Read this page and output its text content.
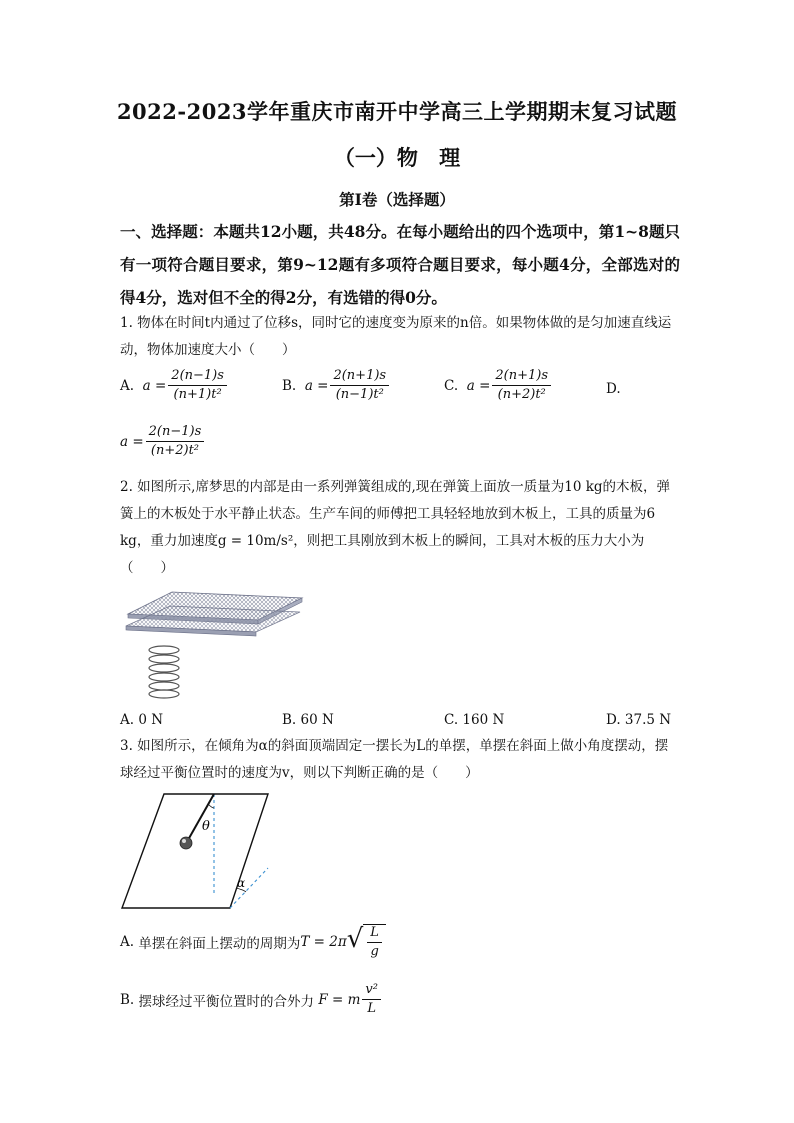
2022-2023学年重庆市南开中学高三上学期期末复习试题
（一）物 理
第Ⅰ卷（选择题）
一、选择题：本题共12小题，共48分。在每小题给出的四个选项中，第1~8题只有一项符合题目要求，第9~12题有多项符合题目要求，每小题4分，全部选对的得4分，选对但不全的得2分，有选错的得0分。
1. 物体在时间t内通过了位移s，同时它的速度变为原来的n倍。如果物体做的是匀加速直线运动，物体加速度大小（　　）
A.
$a = \frac{2(n-1)s}{\text{(n+1)t²}}$	B.
$a = \frac{2(n+1)s}{\text{(n−1)t²}}$	C.
$a = \frac{2(n+1)s}{\text{(n+2)t²}}$	D.
$a = \frac{2(n-1)s}{\text{(n+2)t²}}$
2. 如图所示,席梦思的内部是由一系列弹簧组成的,现在弹簧上面放一质量为10 kg的木板，弹簧上的木板处于水平静止状态。生产车间的师傅把工具轻轻地放到木板上，工具的质量为6 kg，重力加速度g = 10m/s²，则把工具刚放到木板上的瞬间，工具对木板的压力大小为（　　）
A. 0 N	B. 60 N	C. 160 N	D. 37.5 N
3. 如图所示，在倾角为α的斜面顶端固定一摆长为L的单摆，单摆在斜面上做小角度摆动，摆球经过平衡位置时的速度为v，则以下判断正确的是（　　）
θ
α
A.
单摆在斜面上摆动的周期为 T = 2π √ $\frac{L}{g}$
B.
摆球经过平衡位置时的合外力
F = m $\frac{\text{v²}}{L}$
